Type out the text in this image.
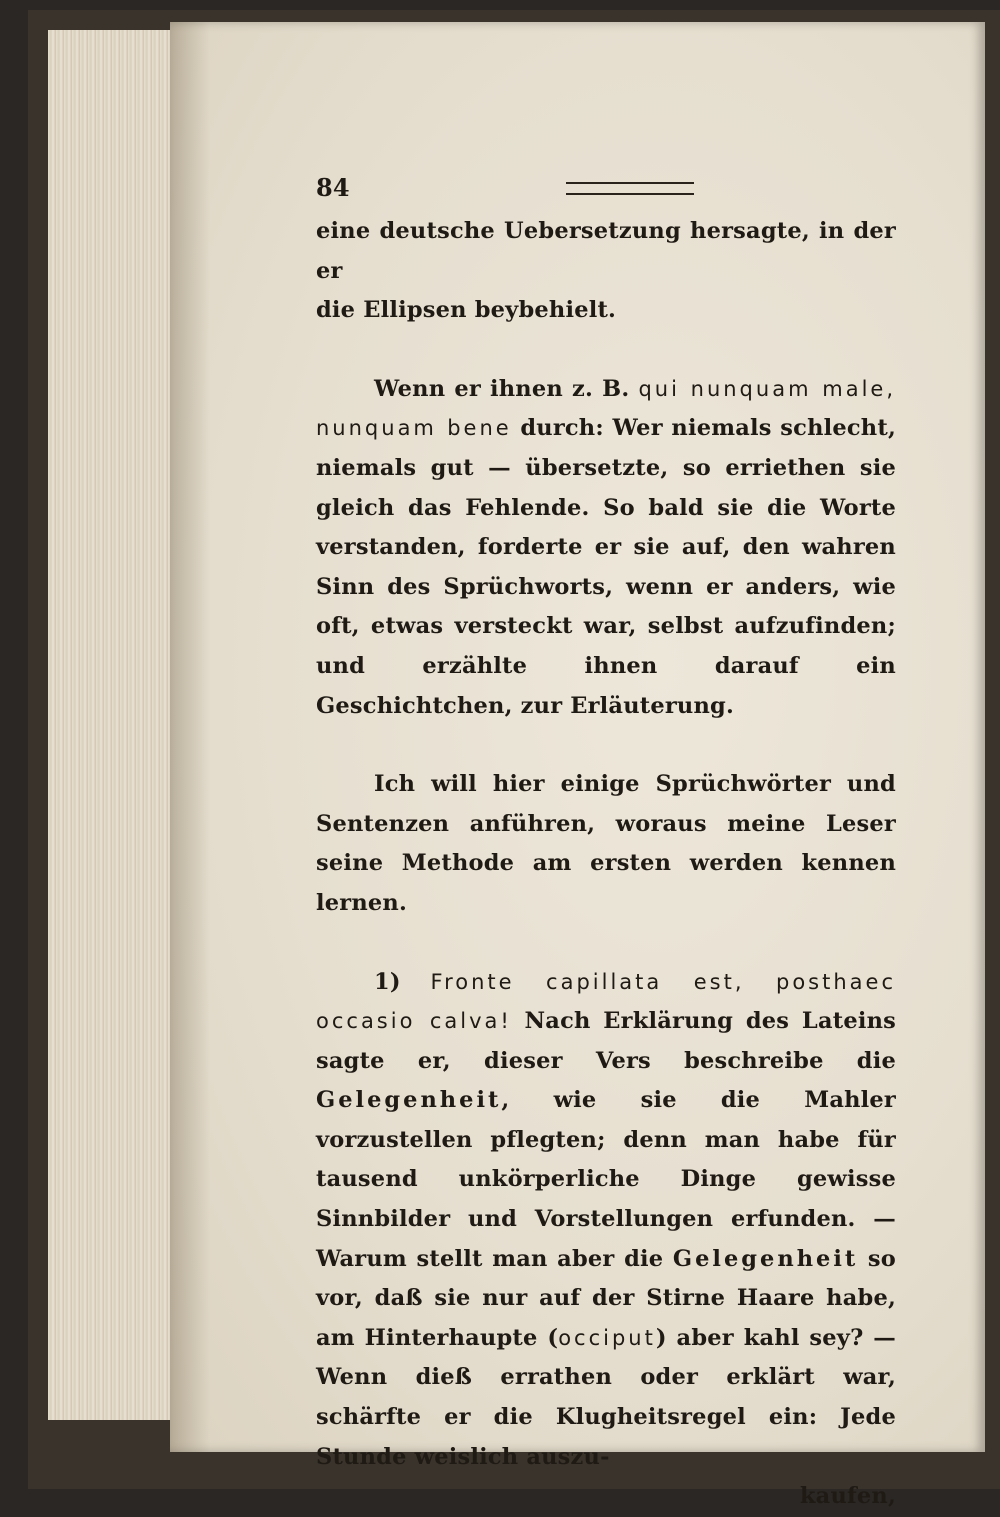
84

eine deutsche Uebersetzung hersagte, in der er
die Ellipsen beybehielt.

Wenn er ihnen z. B. qui nunquam male, nunquam bene durch: Wer niemals schlecht, niemals gut — übersetzte, so erriethen sie gleich das Fehlende. So bald sie die Worte verstanden, forderte er sie auf, den wahren Sinn des Sprüchworts, wenn er anders, wie oft, etwas versteckt war, selbst aufzufinden; und erzählte ihnen darauf ein Geschichtchen, zur Erläuterung.

Ich will hier einige Sprüchwörter und Sentenzen anführen, woraus meine Leser seine Methode am ersten werden kennen lernen.

1) Fronte capillata est, posthaec occasio calva! Nach Erklärung des Lateins sagte er, dieser Vers beschreibe die Gelegenheit, wie sie die Mahler vorzustellen pflegten; denn man habe für tausend unkörperliche Dinge gewisse Sinnbilder und Vorstellungen erfunden. — Warum stellt man aber die Gelegenheit so vor, daß sie nur auf der Stirne Haare habe, am Hinterhaupte (occiput) aber kahl sey? — Wenn dieß errathen oder erklärt war, schärfte er die Klugheitsregel ein: Jede Stunde weislich auszu-

kaufen,
